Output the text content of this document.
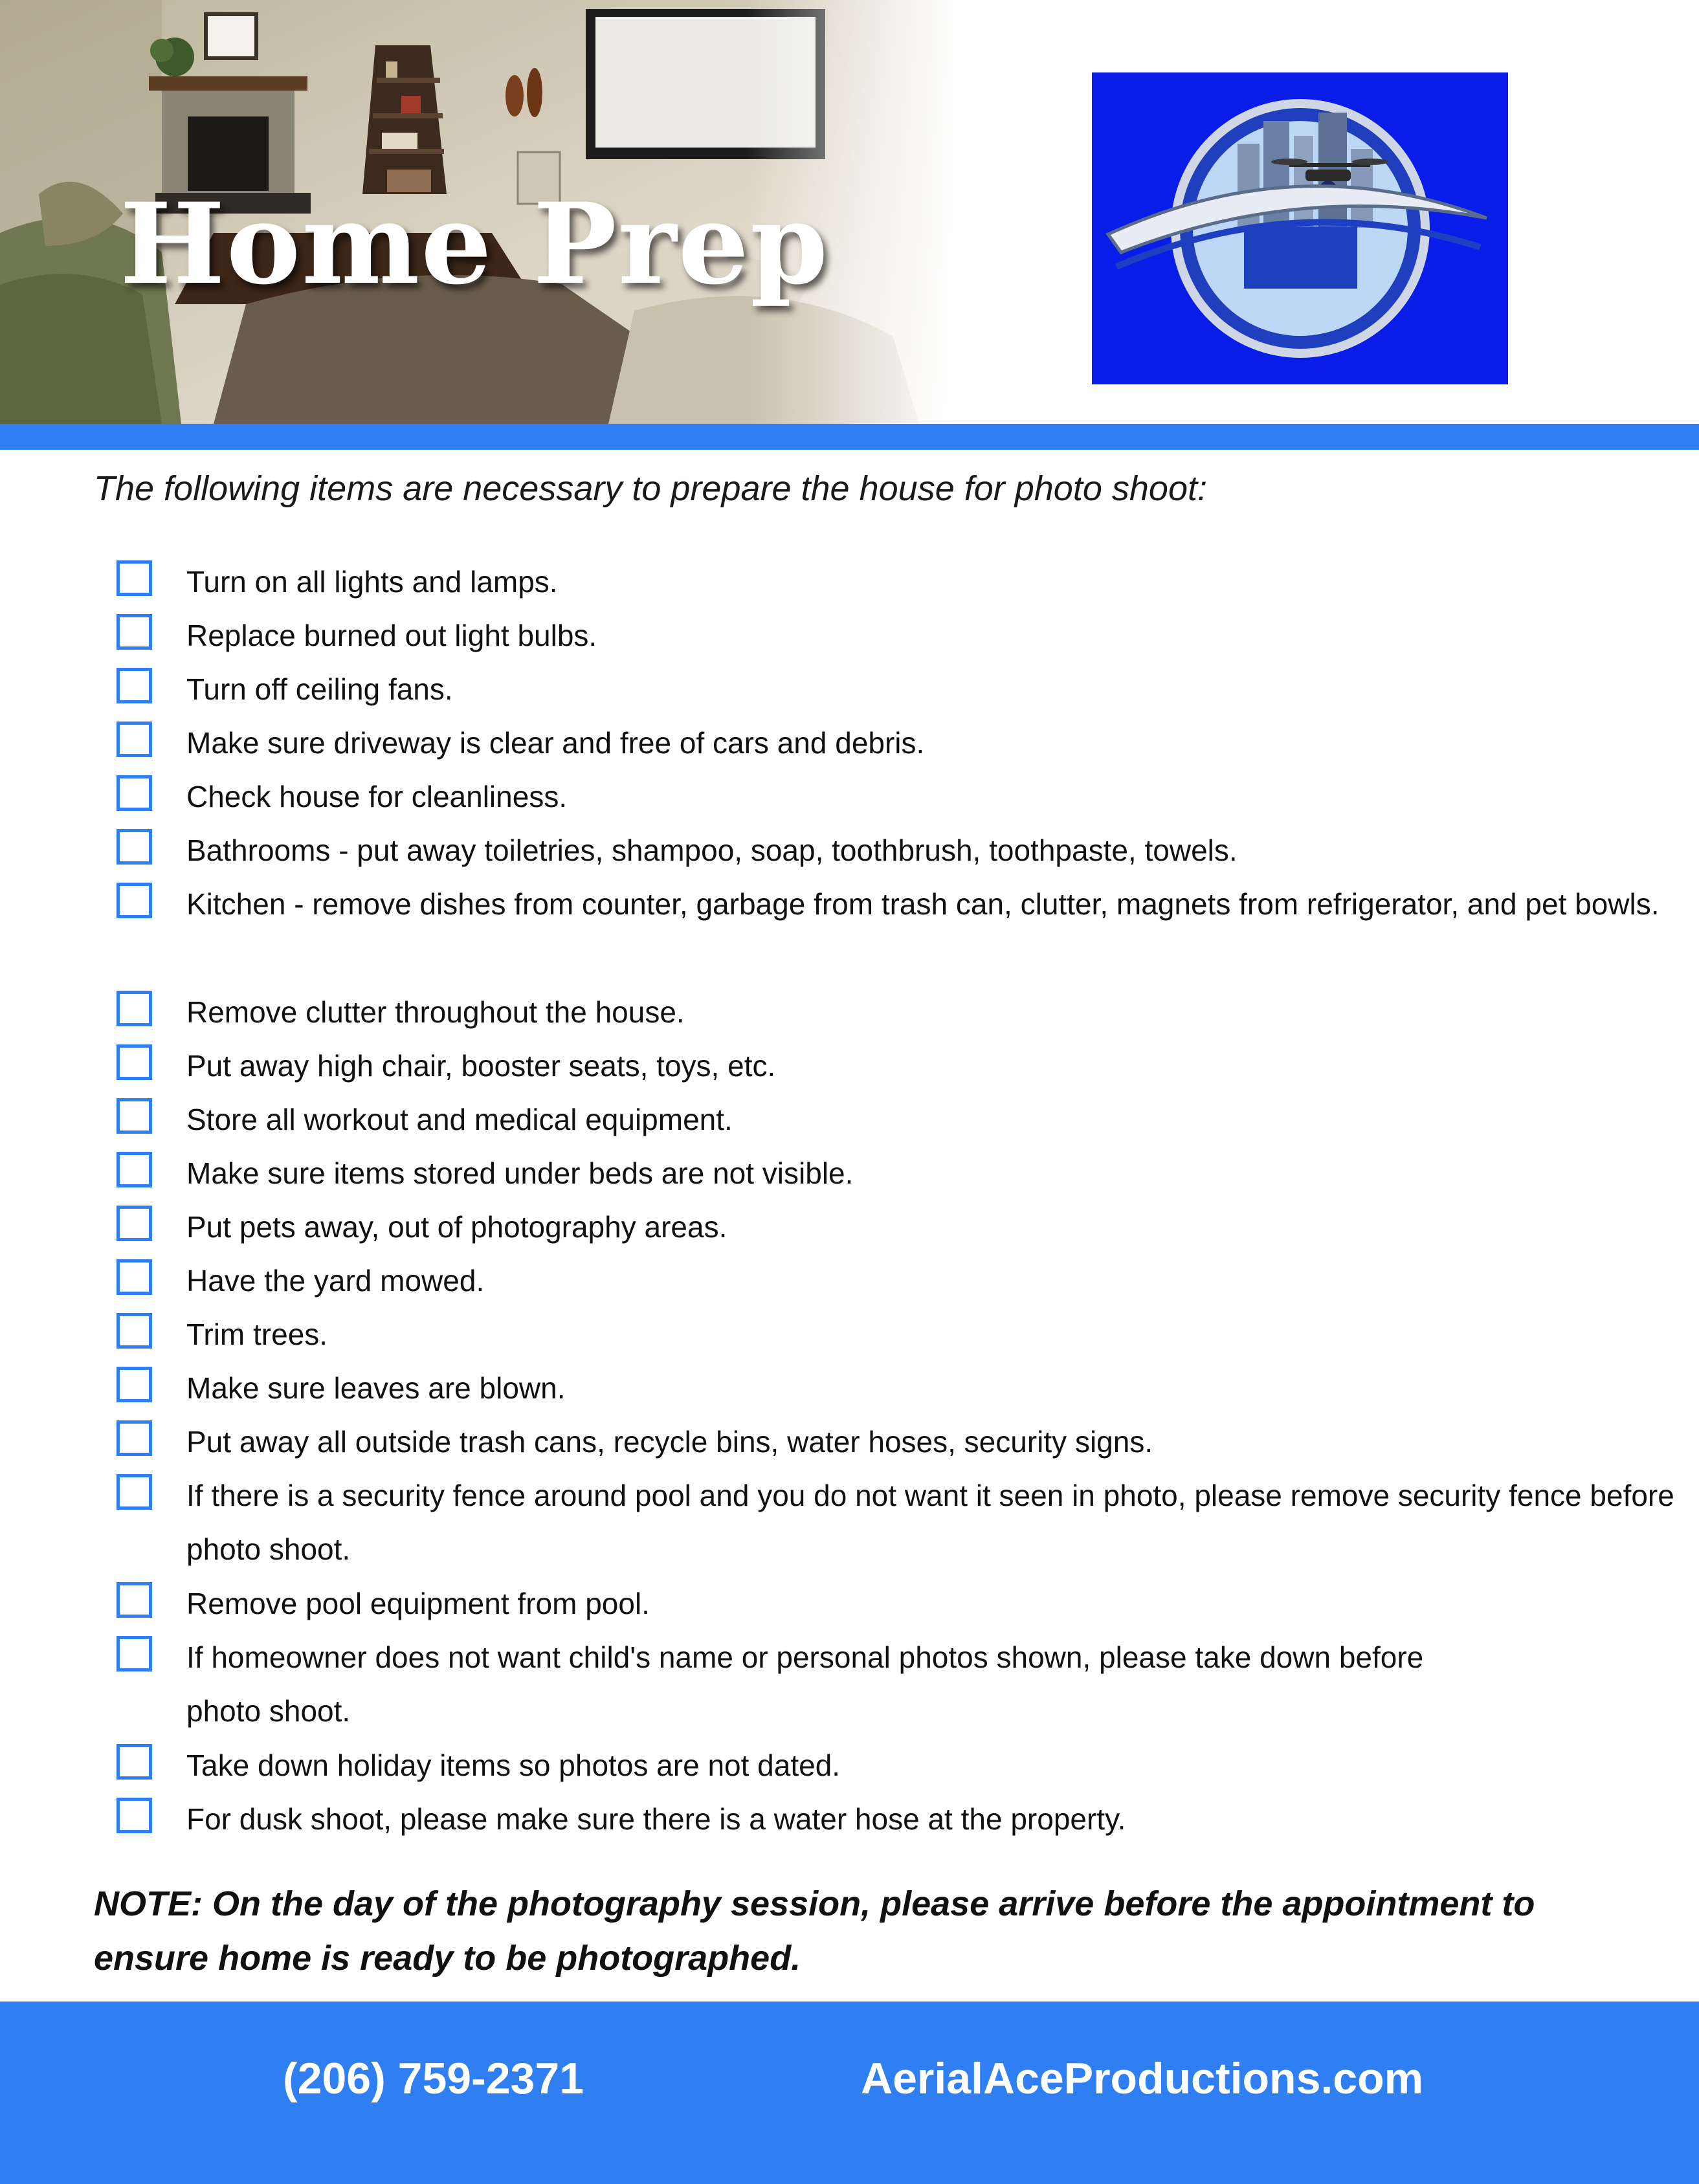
Home Prep

The following items are necessary to prepare the house for photo shoot:

Turn on all lights and lamps.
Replace burned out light bulbs.
Turn off ceiling fans.
Make sure driveway is clear and free of cars and debris.
Check house for cleanliness.
Bathrooms - put away toiletries, shampoo, soap, toothbrush, toothpaste, towels.
Kitchen - remove dishes from counter, garbage from trash can, clutter, magnets from refrigerator, and pet bowls.
Remove clutter throughout the house.
Put away high chair, booster seats, toys, etc.
Store all workout and medical equipment.
Make sure items stored under beds are not visible.
Put pets away, out of photography areas.
Have the yard mowed.
Trim trees.
Make sure leaves are blown.
Put away all outside trash cans, recycle bins, water hoses, security signs.
If there is a security fence around pool and you do not want it seen in photo, please remove security fence before photo shoot.
Remove pool equipment from pool.
If homeowner does not want child's name or personal photos shown, please take down before photo shoot.
Take down holiday items so photos are not dated.
For dusk shoot, please make sure there is a water hose at the property.

NOTE: On the day of the photography session, please arrive before the appointment to ensure home is ready to be photographed.

(206) 759-2371	AerialAceProductions.com
